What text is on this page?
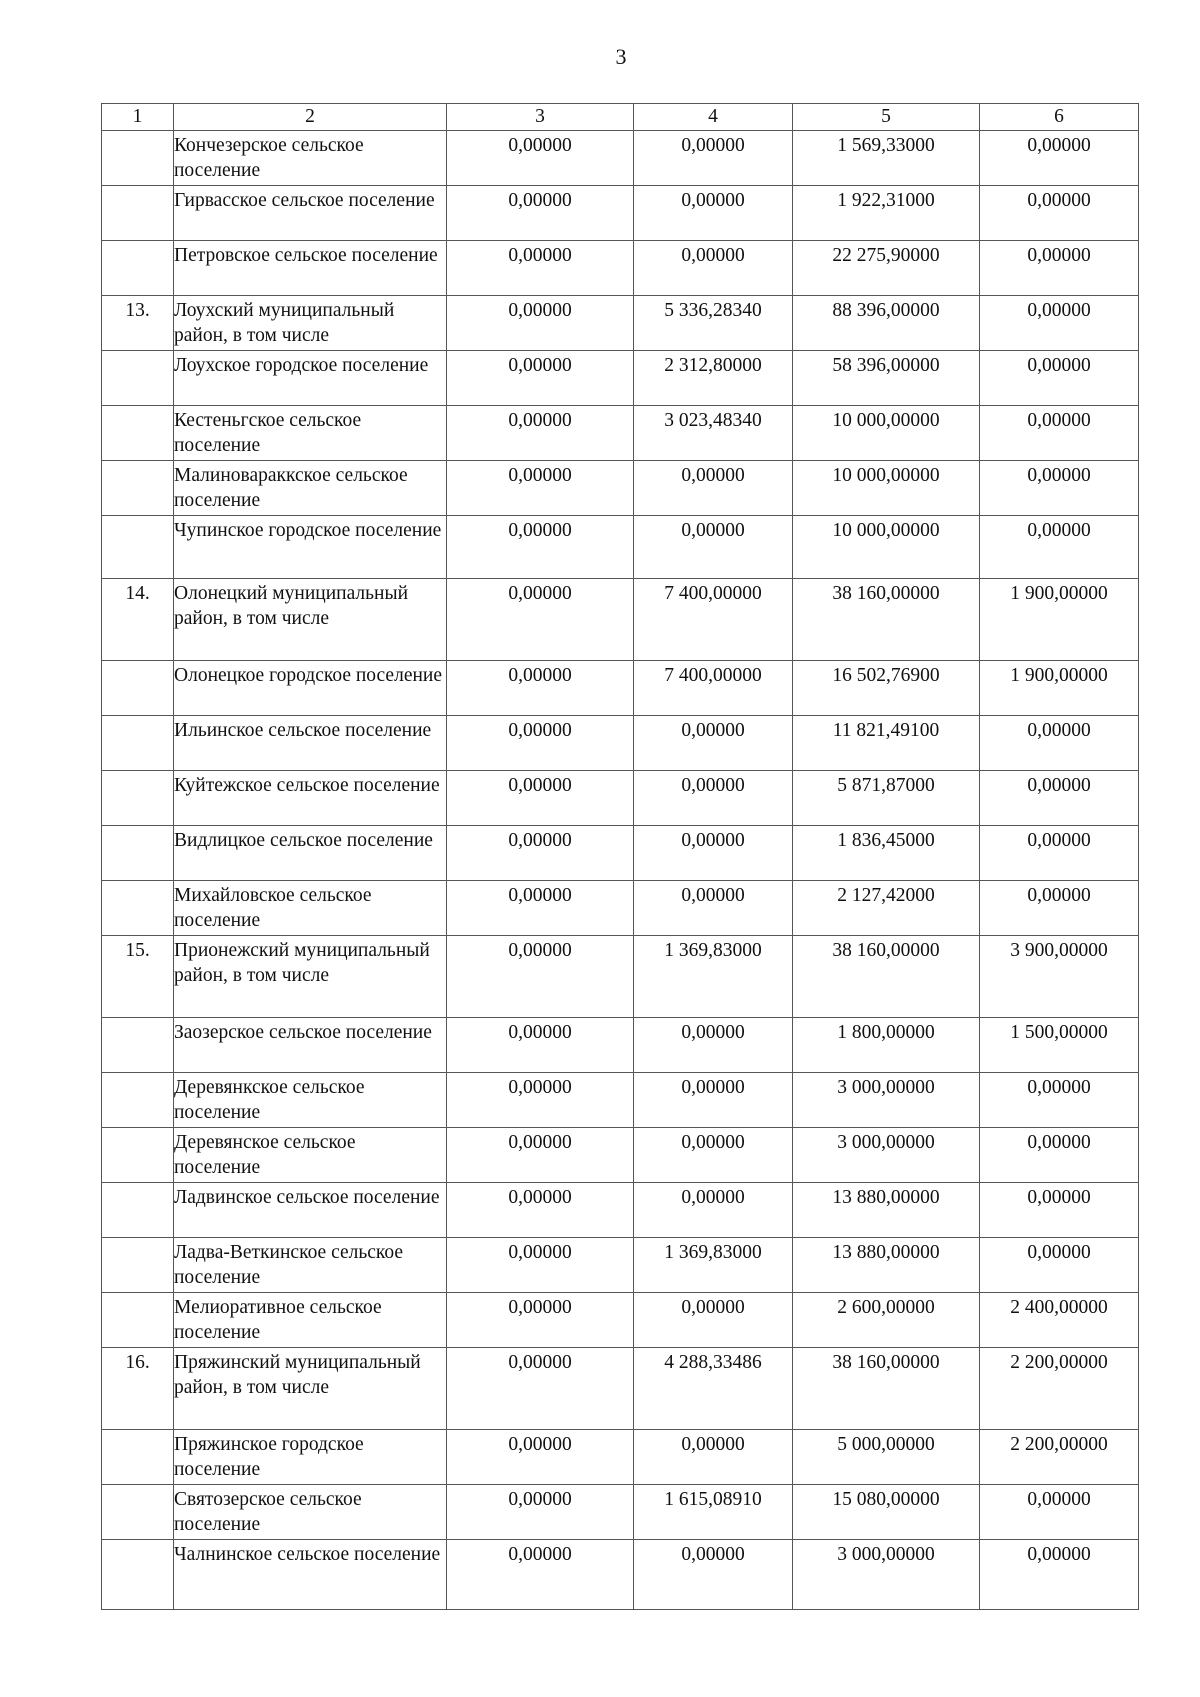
3
1	2	3	4	5	6
	Кончезерское сельское поселение	0,00000	0,00000	1 569,33000	0,00000
	Гирвасское сельское поселение	0,00000	0,00000	1 922,31000	0,00000
	Петровское сельское поселение	0,00000	0,00000	22 275,90000	0,00000
13.	Лоухский муниципальный район, в том числе	0,00000	5 336,28340	88 396,00000	0,00000
	Лоухское городское поселение	0,00000	2 312,80000	58 396,00000	0,00000
	Кестеньгское сельское поселение	0,00000	3 023,48340	10 000,00000	0,00000
	Малиновараккское сельское поселение	0,00000	0,00000	10 000,00000	0,00000
	Чупинское городское поселение	0,00000	0,00000	10 000,00000	0,00000
14.	Олонецкий муниципальный район, в том числе	0,00000	7 400,00000	38 160,00000	1 900,00000
	Олонецкое городское поселение	0,00000	7 400,00000	16 502,76900	1 900,00000
	Ильинское сельское поселение	0,00000	0,00000	11 821,49100	0,00000
	Куйтежское сельское поселение	0,00000	0,00000	5 871,87000	0,00000
	Видлицкое сельское поселение	0,00000	0,00000	1 836,45000	0,00000
	Михайловское сельское поселение	0,00000	0,00000	2 127,42000	0,00000
15.	Прионежский муниципальный район, в том числе	0,00000	1 369,83000	38 160,00000	3 900,00000
	Заозерское сельское поселение	0,00000	0,00000	1 800,00000	1 500,00000
	Деревянкское сельское поселение	0,00000	0,00000	3 000,00000	0,00000
	Деревянское сельское поселение	0,00000	0,00000	3 000,00000	0,00000
	Ладвинское сельское поселение	0,00000	0,00000	13 880,00000	0,00000
	Ладва-Веткинское сельское поселение	0,00000	1 369,83000	13 880,00000	0,00000
	Мелиоративное сельское поселение	0,00000	0,00000	2 600,00000	2 400,00000
16.	Пряжинский муниципальный район, в том числе	0,00000	4 288,33486	38 160,00000	2 200,00000
	Пряжинское городское поселение	0,00000	0,00000	5 000,00000	2 200,00000
	Святозерское сельское поселение	0,00000	1 615,08910	15 080,00000	0,00000
	Чалнинское сельское поселение	0,00000	0,00000	3 000,00000	0,00000
